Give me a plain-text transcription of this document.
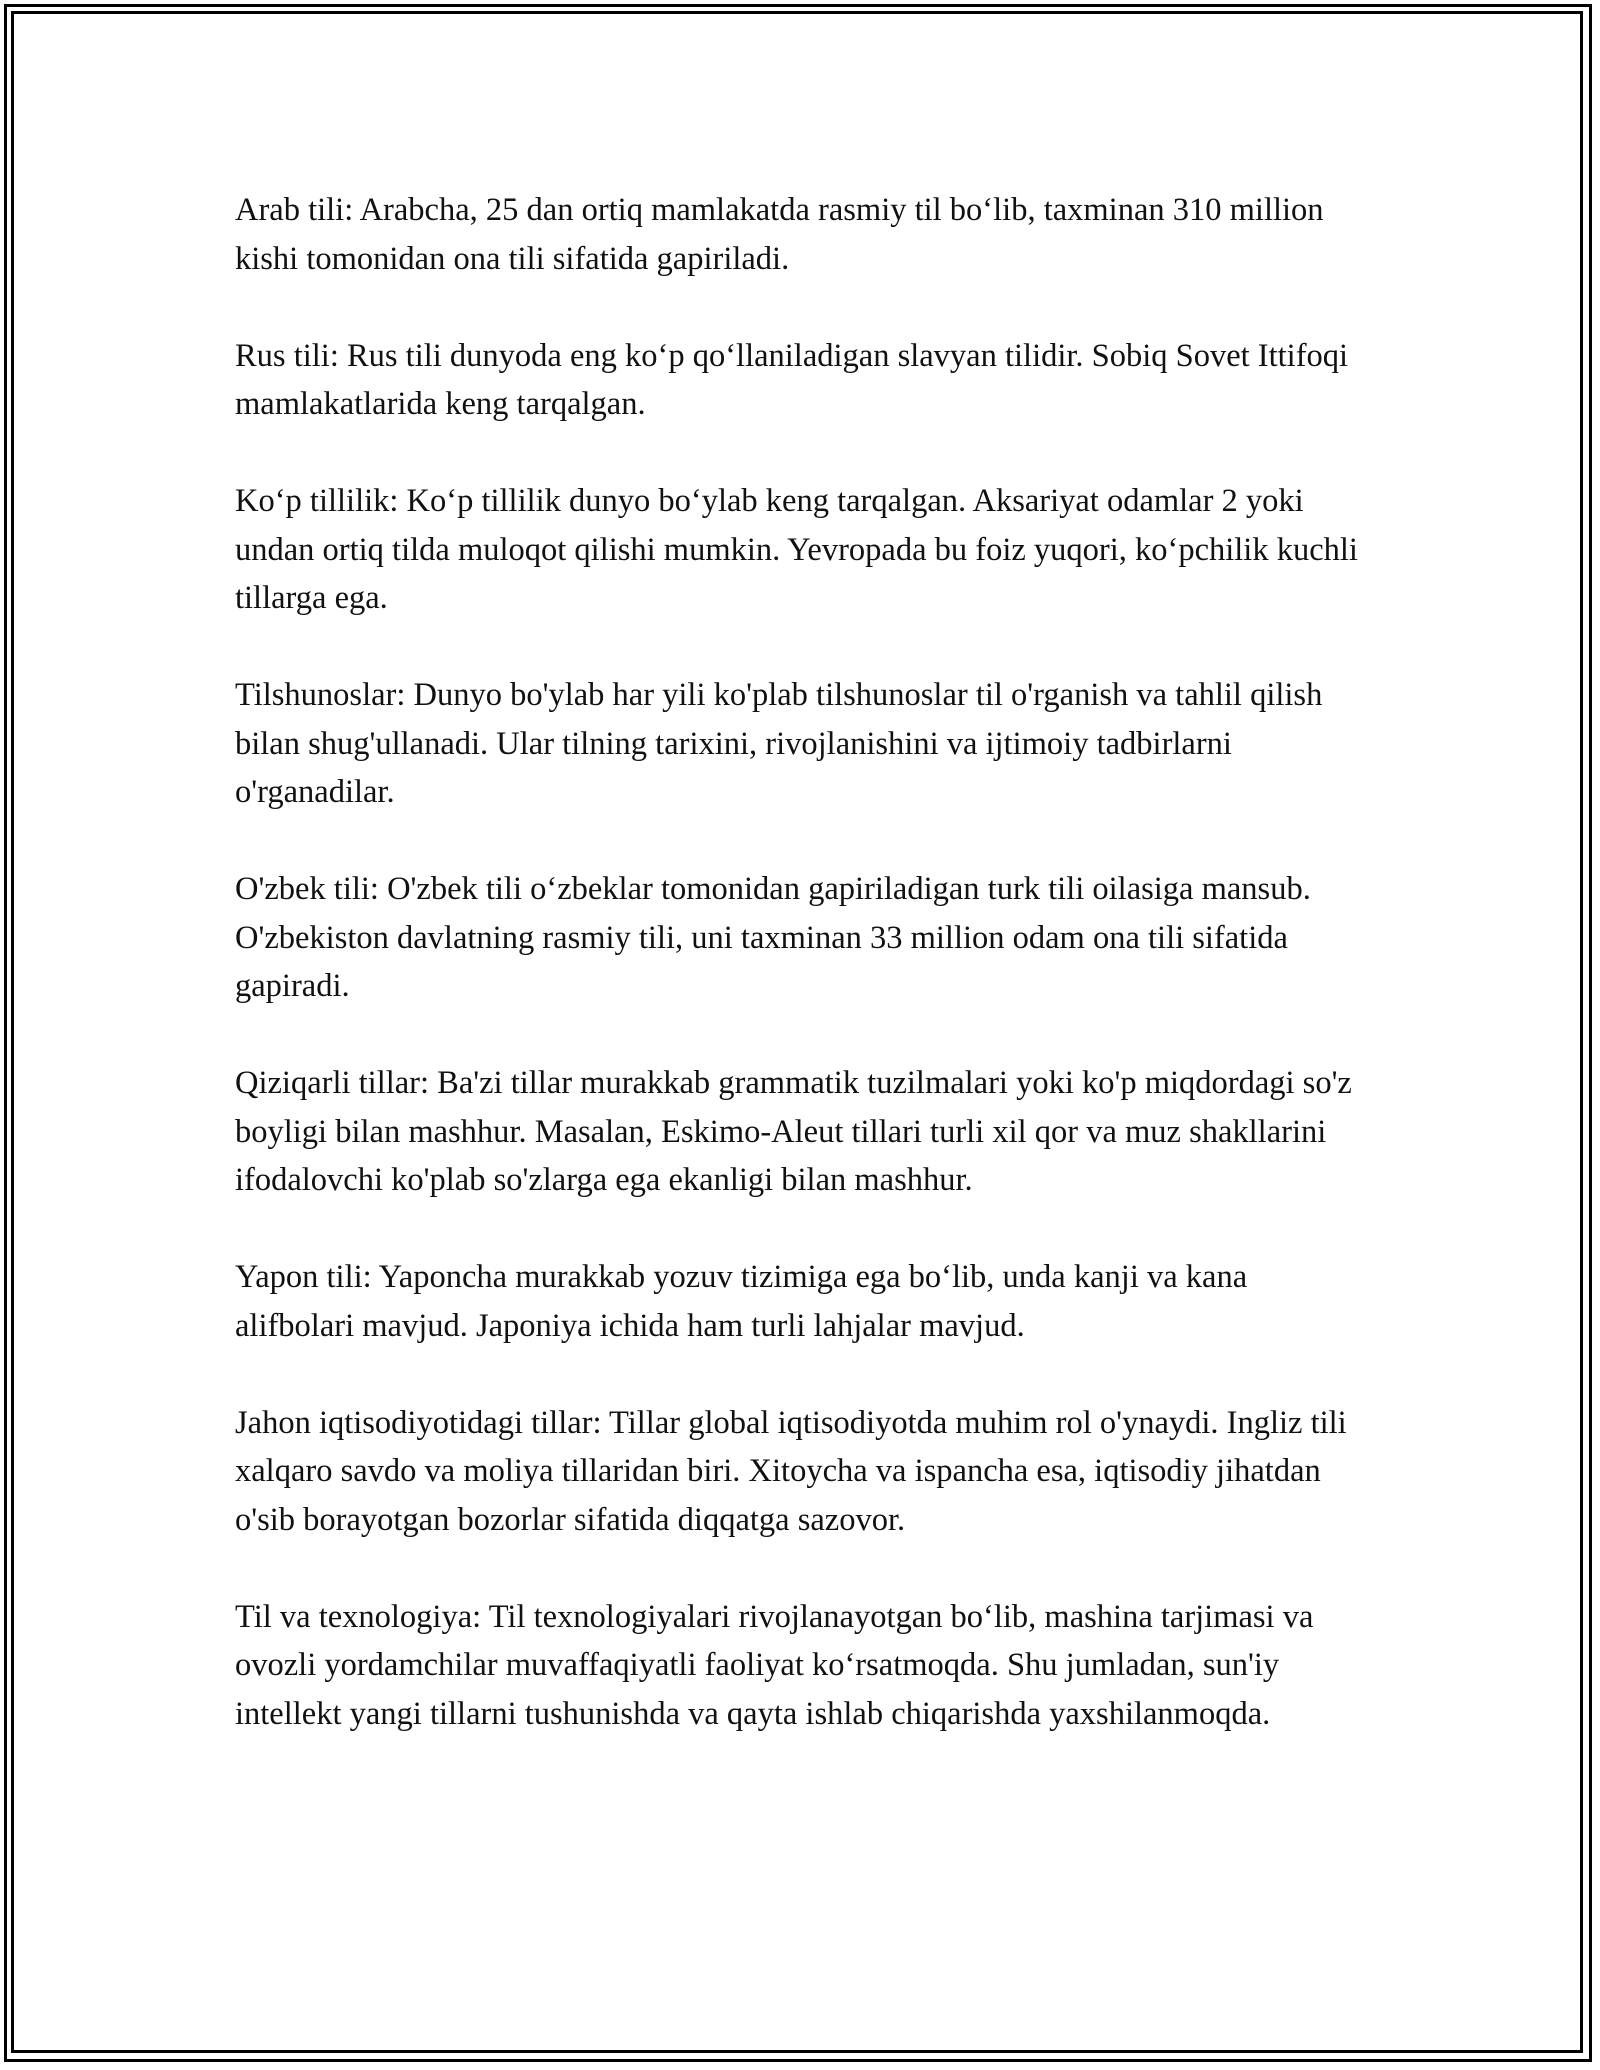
Arab tili: Arabcha, 25 dan ortiq mamlakatda rasmiy til boʻlib, taxminan 310 million kishi tomonidan ona tili sifatida gapiriladi.

Rus tili: Rus tili dunyoda eng koʻp qoʻllaniladigan slavyan tilidir. Sobiq Sovet Ittifoqi mamlakatlarida keng tarqalgan.

Koʻp tillilik: Koʻp tillilik dunyo boʻylab keng tarqalgan. Aksariyat odamlar 2 yoki undan ortiq tilda muloqot qilishi mumkin. Yevropada bu foiz yuqori, koʻpchilik kuchli tillarga ega.

Tilshunoslar: Dunyo bo'ylab har yili ko'plab tilshunoslar til o'rganish va tahlil qilish bilan shug'ullanadi. Ular tilning tarixini, rivojlanishini va ijtimoiy tadbirlarni o'rganadilar.

O'zbek tili: O'zbek tili oʻzbeklar tomonidan gapiriladigan turk tili oilasiga mansub. O'zbekiston davlatning rasmiy tili, uni taxminan 33 million odam ona tili sifatida gapiradi.

Qiziqarli tillar: Ba'zi tillar murakkab grammatik tuzilmalari yoki ko'p miqdordagi so'z boyligi bilan mashhur. Masalan, Eskimo-Aleut tillari turli xil qor va muz shakllarini ifodalovchi ko'plab so'zlarga ega ekanligi bilan mashhur.

Yapon tili: Yaponcha murakkab yozuv tizimiga ega boʻlib, unda kanji va kana alifbolari mavjud. Japoniya ichida ham turli lahjalar mavjud.

Jahon iqtisodiyotidagi tillar: Tillar global iqtisodiyotda muhim rol o'ynaydi. Ingliz tili xalqaro savdo va moliya tillaridan biri. Xitoycha va ispancha esa, iqtisodiy jihatdan o'sib borayotgan bozorlar sifatida diqqatga sazovor.

Til va texnologiya: Til texnologiyalari rivojlanayotgan boʻlib, mashina tarjimasi va ovozli yordamchilar muvaffaqiyatli faoliyat koʻrsatmoqda. Shu jumladan, sun'iy intellekt yangi tillarni tushunishda va qayta ishlab chiqarishda yaxshilanmoqda.
